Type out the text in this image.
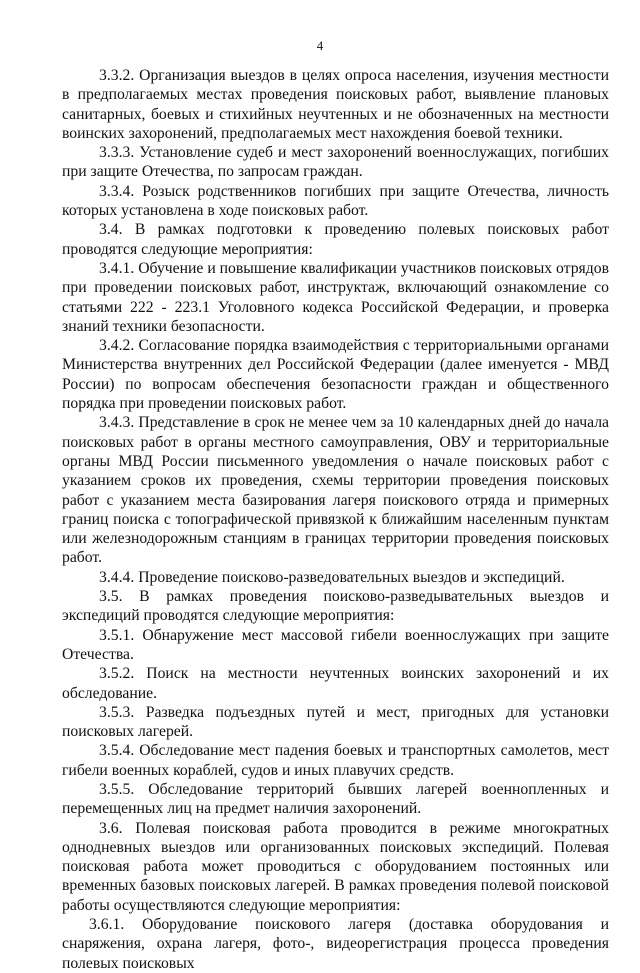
4

3.3.2. Организация выездов в целях опроса населения, изучения местности в предполагаемых местах проведения поисковых работ, выявление плановых санитарных, боевых и стихийных неучтенных и не обозначенных на местности воинских захоронений, предполагаемых мест нахождения боевой техники.

3.3.3. Установление судеб и мест захоронений военнослужащих, погибших при защите Отечества, по запросам граждан.

3.3.4. Розыск родственников погибших при защите Отечества, личность которых установлена в ходе поисковых работ.

3.4. В рамках подготовки к проведению полевых поисковых работ проводятся следующие мероприятия:

3.4.1. Обучение и повышение квалификации участников поисковых отрядов при проведении поисковых работ, инструктаж, включающий ознакомление со статьями 222 - 223.1 Уголовного кодекса Российской Федерации, и проверка знаний техники безопасности.

3.4.2. Согласование порядка взаимодействия с территориальными органами Министерства внутренних дел Российской Федерации (далее именуется - МВД России) по вопросам обеспечения безопасности граждан и общественного порядка при проведении поисковых работ.

3.4.3. Представление в срок не менее чем за 10 календарных дней до начала поисковых работ в органы местного самоуправления, ОВУ и территориальные органы МВД России письменного уведомления о начале поисковых работ с указанием сроков их проведения, схемы территории проведения поисковых работ с указанием места базирования лагеря поискового отряда и примерных границ поиска с топографической привязкой к ближайшим населенным пунктам или железнодорожным станциям в границах территории проведения поисковых работ.

3.4.4. Проведение поисково-разведовательных выездов и экспедиций.

3.5. В рамках проведения поисково-разведывательных выездов и экспедиций проводятся следующие мероприятия:

3.5.1. Обнаружение мест массовой гибели военнослужащих при защите Отечества.

3.5.2. Поиск на местности неучтенных воинских захоронений и их обследование.

3.5.3. Разведка подъездных путей и мест, пригодных для установки поисковых лагерей.

3.5.4. Обследование мест падения боевых и транспортных самолетов, мест гибели военных кораблей, судов и иных плавучих средств.

3.5.5. Обследование территорий бывших лагерей военнопленных и перемещенных лиц на предмет наличия захоронений.

3.6. Полевая поисковая работа проводится в режиме многократных однодневных выездов или организованных поисковых экспедиций. Полевая поисковая работа может проводиться с оборудованием постоянных или временных базовых поисковых лагерей. В рамках проведения полевой поисковой работы осуществляются следующие мероприятия:

3.6.1. Оборудование поискового лагеря (доставка оборудования и снаряжения, охрана лагеря, фото-, видеорегистрация процесса проведения полевых поисковых
